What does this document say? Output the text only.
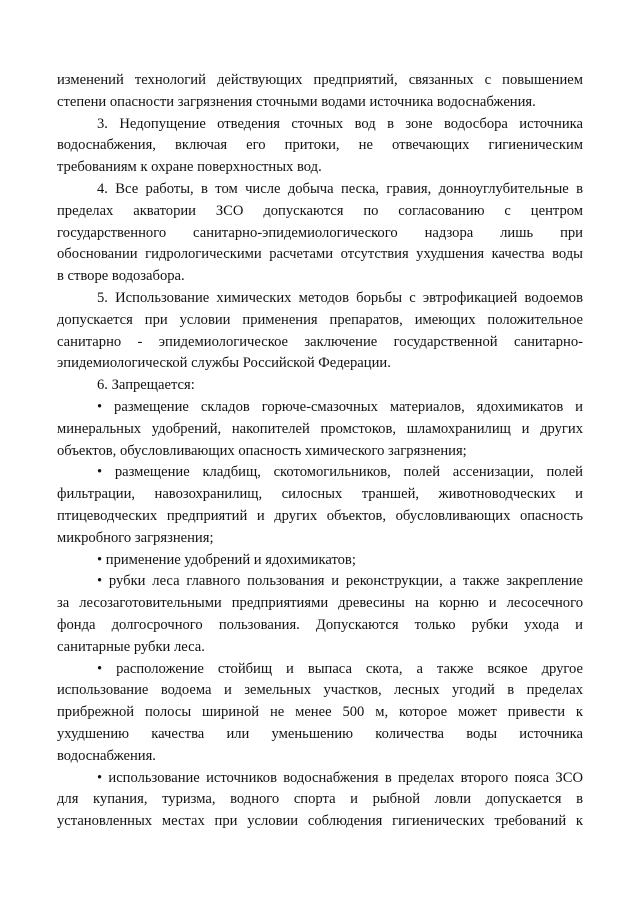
изменений технологий действующих предприятий, связанных с повышением
степени опасности загрязнения сточными водами источника водоснабжения.
3. Недопущение отведения сточных вод в зоне водосбора источника
водоснабжения, включая его притоки, не отвечающих гигиеническим
требованиям к охране поверхностных вод.
4. Все работы, в том числе добыча песка, гравия, донноуглубительные в
пределах акватории ЗСО допускаются по согласованию с центром
государственного санитарно-эпидемиологического надзора лишь при
обосновании гидрологическими расчетами отсутствия ухудшения качества воды
в створе водозабора.
5. Использование химических методов борьбы с эвтрофикацией водоемов
допускается при условии применения препаратов, имеющих положительное
санитарно - эпидемиологическое заключение государственной санитарно-
эпидемиологической службы Российской Федерации.
6. Запрещается:
• размещение складов горюче-смазочных материалов, ядохимикатов и
минеральных удобрений, накопителей промстоков, шламохранилищ и других
объектов, обусловливающих опасность химического загрязнения;
• размещение кладбищ, скотомогильников, полей ассенизации, полей
фильтрации, навозохранилищ, силосных траншей, животноводческих и
птицеводческих предприятий и других объектов, обусловливающих опасность
микробного загрязнения;
• применение удобрений и ядохимикатов;
• рубки леса главного пользования и реконструкции, а также закрепление
за лесозаготовительными предприятиями древесины на корню и лесосечного
фонда долгосрочного пользования. Допускаются только рубки ухода и
санитарные рубки леса.
• расположение стойбищ и выпаса скота, а также всякое другое
использование водоема и земельных участков, лесных угодий в пределах
прибрежной полосы шириной не менее 500 м, которое может привести к
ухудшению качества или уменьшению количества воды источника
водоснабжения.
• использование источников водоснабжения в пределах второго пояса ЗСО
для купания, туризма, водного спорта и рыбной ловли допускается в
установленных местах при условии соблюдения гигиенических требований к
